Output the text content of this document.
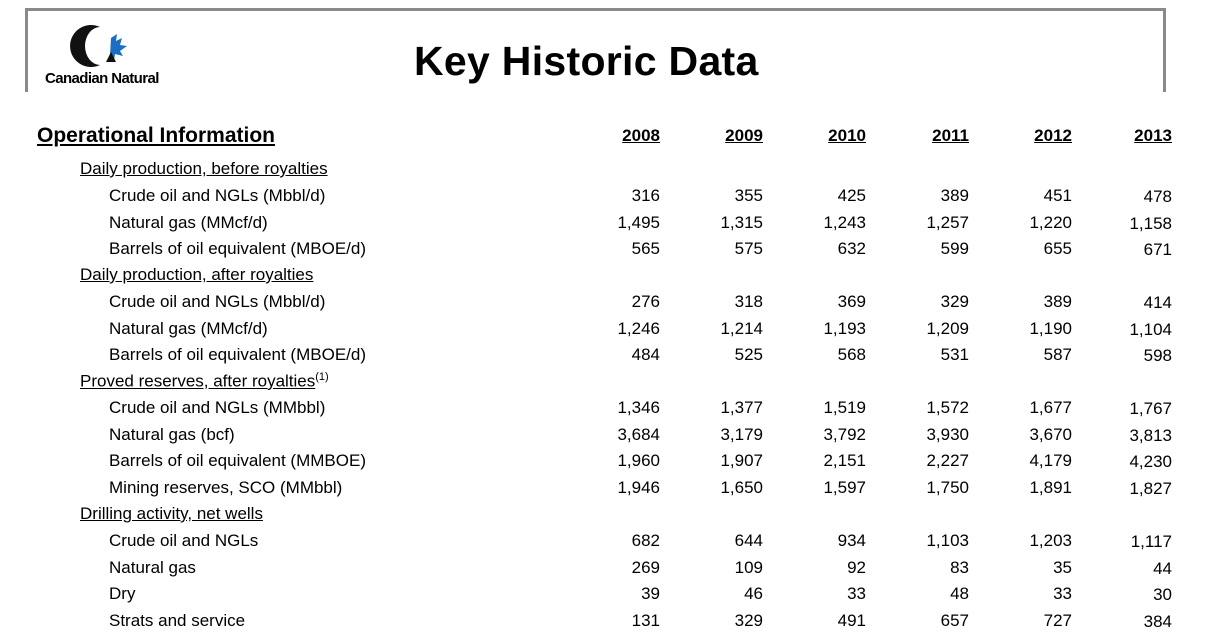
Canadian Natural	Key Historic Data
Operational Information	2008	2009	2010	2011	2012	2013
Daily production, before royalties
Crude oil and NGLs (Mbbl/d)	316	355	425	389	451	478
Natural gas (MMcf/d)	1,495	1,315	1,243	1,257	1,220	1,158
Barrels of oil equivalent (MBOE/d)	565	575	632	599	655	671
Daily production, after royalties
Crude oil and NGLs (Mbbl/d)	276	318	369	329	389	414
Natural gas (MMcf/d)	1,246	1,214	1,193	1,209	1,190	1,104
Barrels of oil equivalent (MBOE/d)	484	525	568	531	587	598
Proved reserves, after royalties$^{(1)}$
Crude oil and NGLs (MMbbl)	1,346	1,377	1,519	1,572	1,677	1,767
Natural gas (bcf)	3,684	3,179	3,792	3,930	3,670	3,813
Barrels of oil equivalent (MMBOE)	1,960	1,907	2,151	2,227	4,179	4,230
Mining reserves, SCO (MMbbl)	1,946	1,650	1,597	1,750	1,891	1,827
Drilling activity, net wells
Crude oil and NGLs	682	644	934	1,103	1,203	1,117
Natural gas	269	109	92	83	35	44
Dry	39	46	33	48	33	30
Strats and service	131	329	491	657	727	384
